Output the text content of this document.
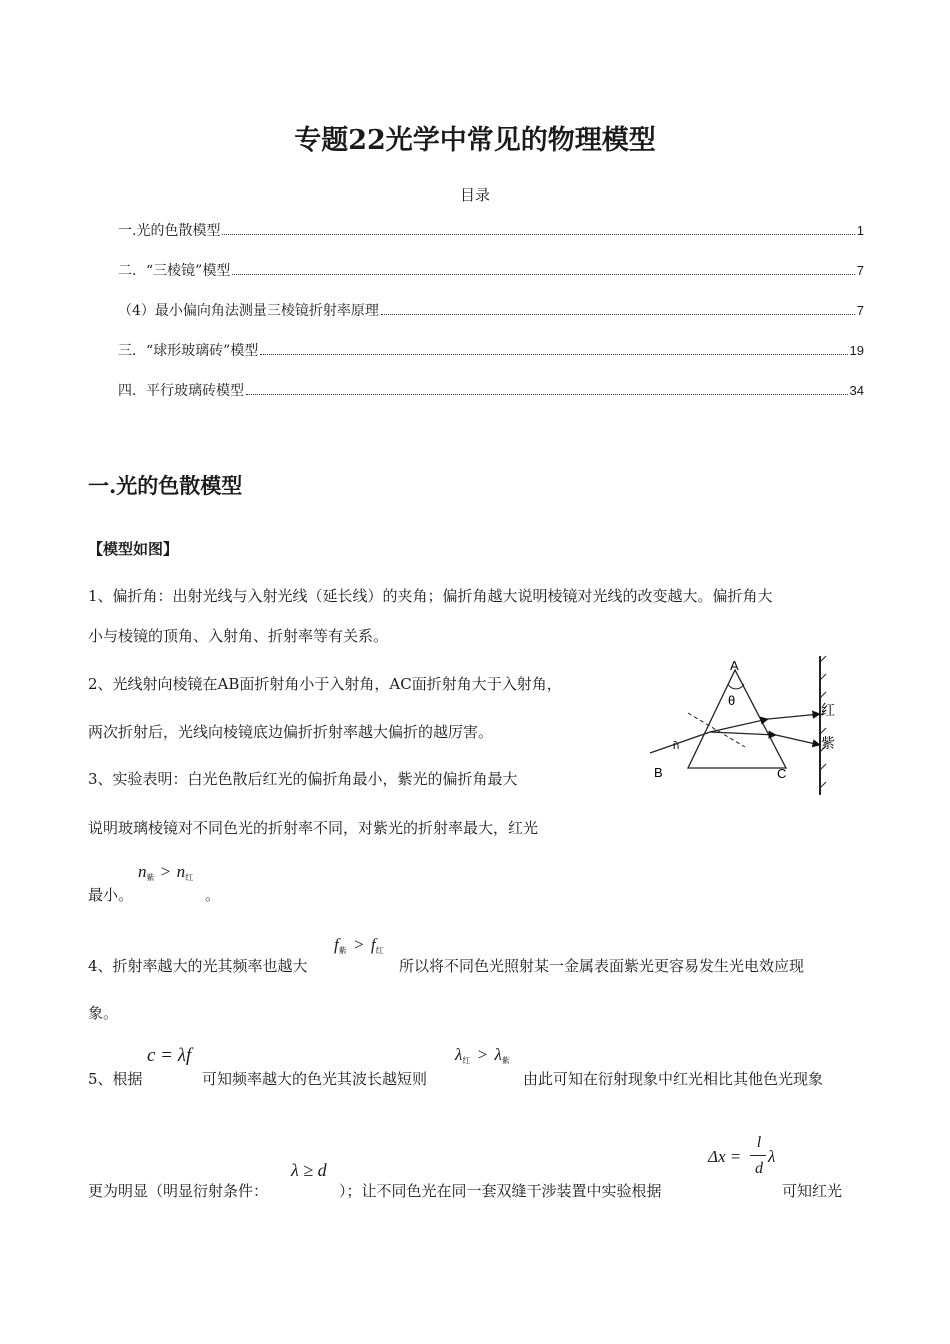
专题22光学中常见的物理模型
目录
一.光的色散模型	1
二．“三棱镜”模型	7
（4）最小偏向角法测量三棱镜折射率原理	7
三．“球形玻璃砖”模型	19
四．平行玻璃砖模型	34
一.光的色散模型
【模型如图】
1、偏折角：出射光线与入射光线（延长线）的夹角；偏折角越大说明棱镜对光线的改变越大。偏折角大
小与棱镜的顶角、入射角、折射率等有关系。
2、光线射向棱镜在AB面折射角小于入射角，AC面折射角大于入射角，
两次折射后，光线向棱镜底边偏折折射率越大偏折的越厉害。
3、实验表明：白光色散后红光的偏折角最小，紫光的偏折角最大
说明玻璃棱镜对不同色光的折射率不同，对紫光的折射率最大，红光
最小。
$n_紫 > n_红$
。
4、折射率越大的光其频率也越大
$f_紫 > f_红$
所以将不同色光照射某一金属表面紫光更容易发生光电效应现
象。
5、根据
c = λf
可知频率越大的色光其波长越短则
$\lambda_红 > \lambda_紫$
由此可知在衍射现象中红光相比其他色光现象
更为明显（明显衍射条件：
λ ≥ d
）；让不同色光在同一套双缝干涉装置中实验根据
Δx =
l
d
λ
可知红光
A
B	C
θ
i
红
紫
